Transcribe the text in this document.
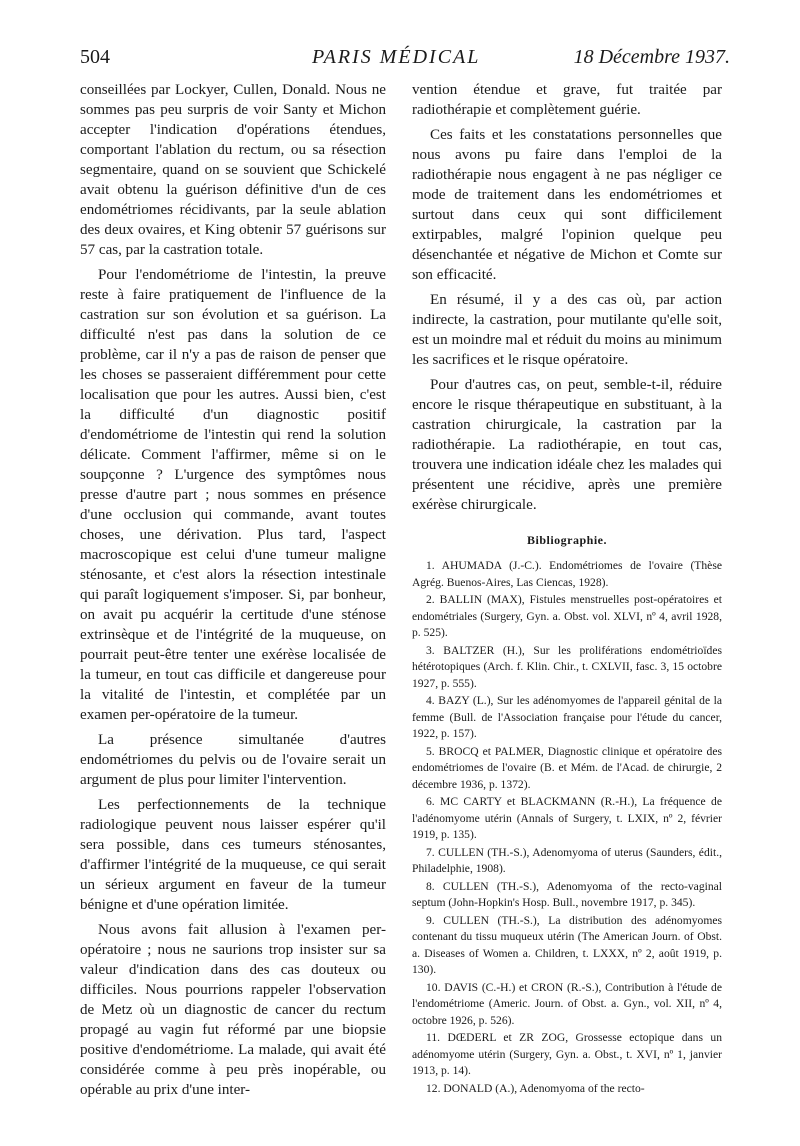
504	PARIS MÉDICAL	18 Décembre 1937.

conseillées par Lockyer, Cullen, Donald. Nous ne sommes pas peu surpris de voir Santy et Michon accepter l'indication d'opérations étendues, comportant l'ablation du rectum, ou sa résection segmentaire, quand on se souvient que Schickelé avait obtenu la guérison définitive d'un de ces endométriomes récidivants, par la seule ablation des deux ovaires, et King obtenir 57 guérisons sur 57 cas, par la castration totale.

Pour l'endométriome de l'intestin, la preuve reste à faire pratiquement de l'influence de la castration sur son évolution et sa guérison. La difficulté n'est pas dans la solution de ce problème, car il n'y a pas de raison de penser que les choses se passeraient différemment pour cette localisation que pour les autres. Aussi bien, c'est la difficulté d'un diagnostic positif d'endométriome de l'intestin qui rend la solution délicate. Comment l'affirmer, même si on le soupçonne ? L'urgence des symptômes nous presse d'autre part ; nous sommes en présence d'une occlusion qui commande, avant toutes choses, une dérivation. Plus tard, l'aspect macroscopique est celui d'une tumeur maligne sténosante, et c'est alors la résection intestinale qui paraît logiquement s'imposer. Si, par bonheur, on avait pu acquérir la certitude d'une sténose extrinsèque et de l'intégrité de la muqueuse, on pourrait peut-être tenter une exérèse localisée de la tumeur, en tout cas difficile et dangereuse pour la vitalité de l'intestin, et complétée par un examen per-opératoire de la tumeur.

La présence simultanée d'autres endométriomes du pelvis ou de l'ovaire serait un argument de plus pour limiter l'intervention.

Les perfectionnements de la technique radiologique peuvent nous laisser espérer qu'il sera possible, dans ces tumeurs sténosantes, d'affirmer l'intégrité de la muqueuse, ce qui serait un sérieux argument en faveur de la tumeur bénigne et d'une opération limitée.

Nous avons fait allusion à l'examen per-opératoire ; nous ne saurions trop insister sur sa valeur d'indication dans des cas douteux ou difficiles. Nous pourrions rappeler l'observation de Metz où un diagnostic de cancer du rectum propagé au vagin fut réformé par une biopsie positive d'endométriome. La malade, qui avait été considérée comme à peu près inopérable, ou opérable au prix d'une inter-

vention étendue et grave, fut traitée par radiothérapie et complètement guérie.

Ces faits et les constatations personnelles que nous avons pu faire dans l'emploi de la radiothérapie nous engagent à ne pas négliger ce mode de traitement dans les endométriomes et surtout dans ceux qui sont difficilement extirpables, malgré l'opinion quelque peu désenchantée et négative de Michon et Comte sur son efficacité.

En résumé, il y a des cas où, par action indirecte, la castration, pour mutilante qu'elle soit, est un moindre mal et réduit du moins au minimum les sacrifices et le risque opératoire.

Pour d'autres cas, on peut, semble-t-il, réduire encore le risque thérapeutique en substituant, à la castration chirurgicale, la castration par la radiothérapie. La radiothérapie, en tout cas, trouvera une indication idéale chez les malades qui présentent une récidive, après une première exérèse chirurgicale.

Bibliographie.

1. AHUMADA (J.-C.). Endométriomes de l'ovaire (Thèse Agrég. Buenos-Aires, Las Ciencas, 1928).

2. BALLIN (MAX), Fistules menstruelles post-opératoires et endométriales (Surgery, Gyn. a. Obst. vol. XLVI, nº 4, avril 1928, p. 525).

3. BALTZER (H.), Sur les proliférations endométrioïdes hétérotopiques (Arch. f. Klin. Chir., t. CXLVII, fasc. 3, 15 octobre 1927, p. 555).

4. BAZY (L.), Sur les adénomyomes de l'appareil génital de la femme (Bull. de l'Association française pour l'étude du cancer, 1922, p. 157).

5. BROCQ et PALMER, Diagnostic clinique et opératoire des endométriomes de l'ovaire (B. et Mém. de l'Acad. de chirurgie, 2 décembre 1936, p. 1372).

6. MC CARTY et BLACKMANN (R.-H.), La fréquence de l'adénomyome utérin (Annals of Surgery, t. LXIX, nº 2, février 1919, p. 135).

7. CULLEN (TH.-S.), Adenomyoma of uterus (Saunders, édit., Philadelphie, 1908).

8. CULLEN (TH.-S.), Adenomyoma of the recto-vaginal septum (John-Hopkin's Hosp. Bull., novembre 1917, p. 345).

9. CULLEN (TH.-S.), La distribution des adénomyomes contenant du tissu muqueux utérin (The American Journ. of Obst. a. Diseases of Women a. Children, t. LXXX, nº 2, août 1919, p. 130).

10. DAVIS (C.-H.) et CRON (R.-S.), Contribution à l'étude de l'endométriome (Americ. Journ. of Obst. a. Gyn., vol. XII, nº 4, octobre 1926, p. 526).

11. DŒDERL et ZR ZOG, Grossesse ectopique dans un adénomyome utérin (Surgery, Gyn. a. Obst., t. XVI, nº 1, janvier 1913, p. 14).

12. DONALD (A.), Adenomyoma of the recto-
